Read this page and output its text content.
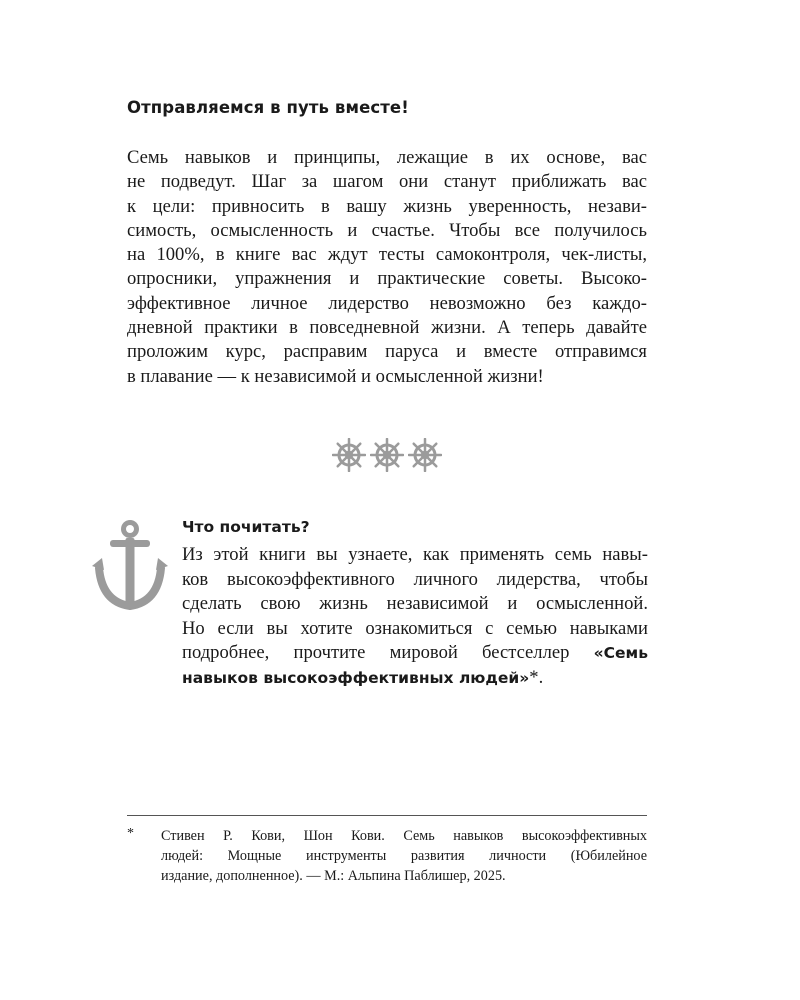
Отправляемся в путь вместе!

Семь навыков и принципы, лежащие в их основе, вас
не подведут. Шаг за шагом они станут приближать вас
к цели: привносить в вашу жизнь уверенность, незави-
симость, осмысленность и счастье. Чтобы все получилось
на 100%, в книге вас ждут тесты самоконтроля, чек-листы,
опросники, упражнения и практические советы. Высоко-
эффективное личное лидерство невозможно без каждо-
дневной практики в повседневной жизни. А теперь давайте
проложим курс, расправим паруса и вместе отправимся
в плавание — к независимой и осмысленной жизни!

Что почитать?

Из этой книги вы узнаете, как применять семь навы-
ков высокоэффективного личного лидерства, чтобы
сделать свою жизнь независимой и осмысленной.
Но если вы хотите ознакомиться с семью навыками
подробнее, прочтите мировой бестселлер «Семь
навыков высокоэффективных людей»*.

* Стивен Р. Кови, Шон Кови. Семь навыков высокоэффективных
людей: Мощные инструменты развития личности (Юбилейное
издание, дополненное). — М.: Альпина Паблишер, 2025.
